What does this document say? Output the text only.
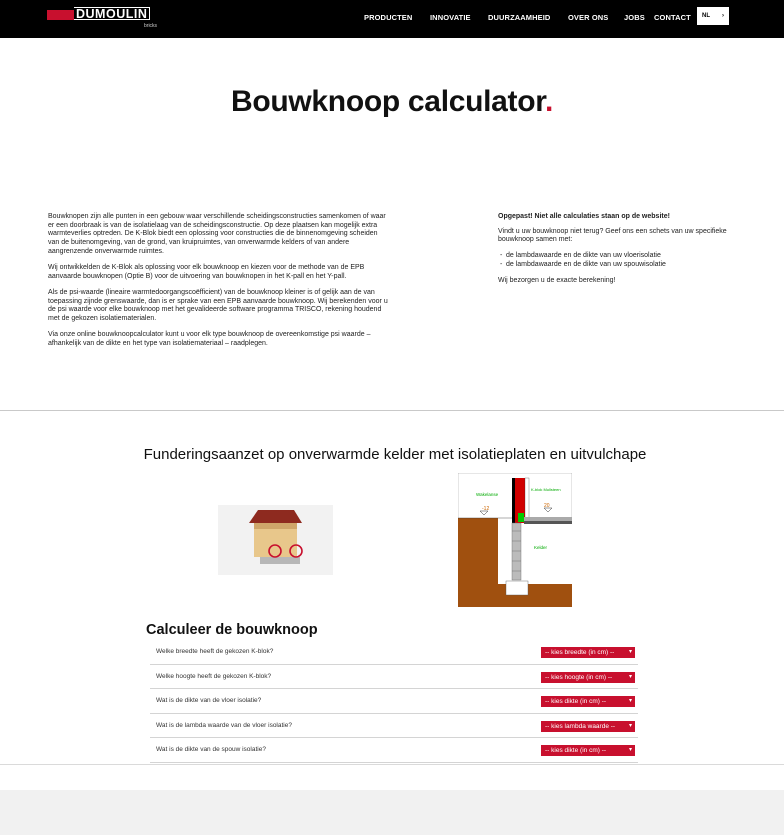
DUMOULIN
bricks
PRODUCTEN INNOVATIE DUURZAAMHEID OVER ONS JOBS CONTACT NL ›
Bouwknoop calculator.

Bouwknopen zijn alle punten in een gebouw waar verschillende scheidingsconstructies samenkomen of waar er een doorbraak is van de isolatielaag van de scheidingsconstructie. Op deze plaatsen kan mogelijk extra warmteverlies optreden. De K-Blok biedt een oplossing voor constructies die de binnenomgeving scheiden van de buitenomgeving, van de grond, van kruipruimtes, van onverwarmde kelders of van andere aangrenzende onverwarmde ruimtes.

Wij ontwikkelden de K-Blok als oplossing voor elk bouwknoop en kiezen voor de methode van de EPB aanvaarde bouwknopen (Optie B) voor de uitvoering van bouwknopen in het K-pall en het Y-pall.

Als de psi-waarde (lineaire warmtedoorgangscoëfficient) van de bouwknoop kleiner is of gelijk aan de van toepassing zijnde grenswaarde, dan is er sprake van een EPB aanvaarde bouwknoop. Wij berekenden voor u de psi waarde voor elke bouwknoop met het gevalideerde software programma TRISCO, rekening houdend met de gekozen isolatiematerialen.

Via onze online bouwknoopcalculator kunt u voor elk type bouwknoop de overeenkomstige psi waarde – afhankelijk van de dikte en het type van isolatiemateriaal – raadplegen.

Opgepast! Niet alle calculaties staan op de website!

Vindt u uw bouwknoop niet terug? Geef ons een schets van uw specifieke bouwknoop samen met:

- de lambdawaarde en de dikte van uw vloerisolatie
- de lambdawaarde en de dikte van uw spouwisolatie

Wij bezorgen u de exacte berekening!

Funderingsaanzet op onverwarmde kelder met isolatieplaten en uitvulchape
Wakelanse
-12
K-blok Mullsteen
20
Kelder
Calculeer de bouwknoop
Welke breedte heeft de gekozen K-blok?	-- kies breedte (in cm) -- ▾
Welke hoogte heeft de gekozen K-blok?	-- kies hoogte (in cm) --	▾
Wat is de dikte van de vloer isolatie?	-- kies dikte (in cm) --	▾
Wat is de lambda waarde van de vloer isolatie?	-- kies lambda waarde -- ▾
Wat is de dikte van de spouw isolatie?	-- kies dikte (in cm) --	▾
